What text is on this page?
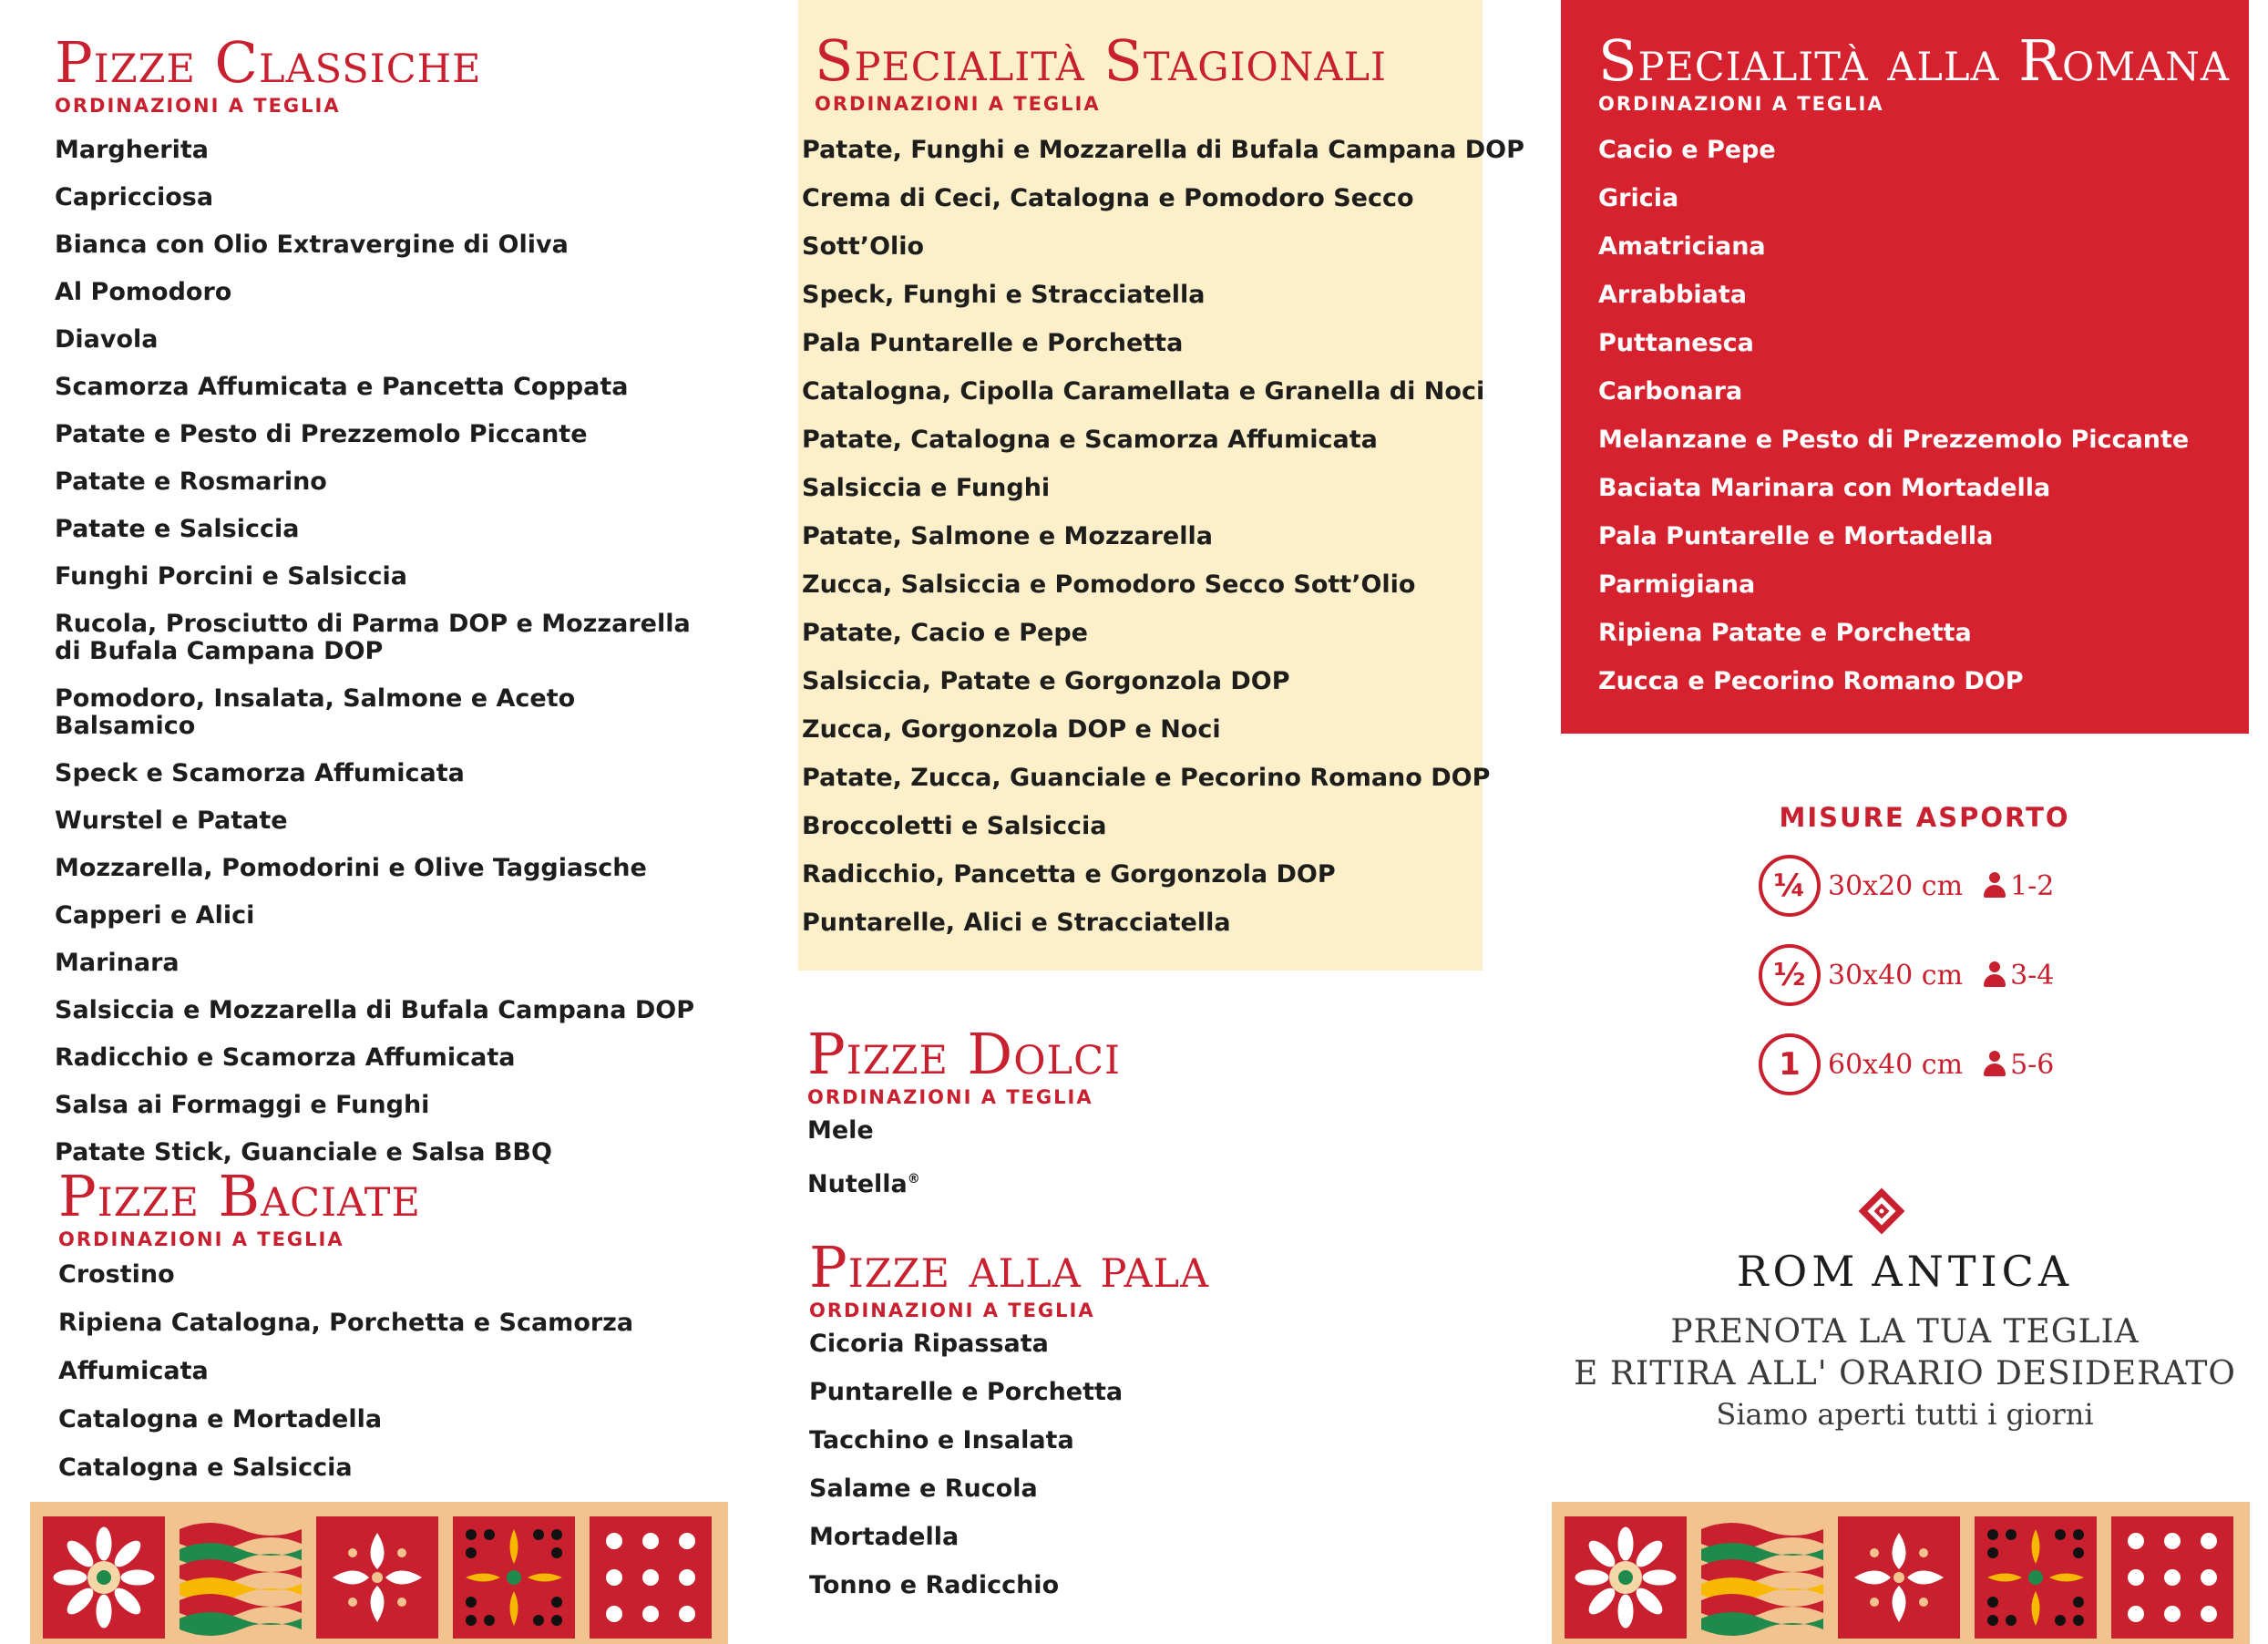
Pizze Classiche
ORDINAZIONI A TEGLIA
Margherita
Capricciosa
Bianca con Olio Extravergine di Oliva
Al Pomodoro
Diavola
Scamorza Affumicata e Pancetta Coppata
Patate e Pesto di Prezzemolo Piccante
Patate e Rosmarino
Patate e Salsiccia
Funghi Porcini e Salsiccia
Rucola, Prosciutto di Parma DOP e Mozzarella di Bufala Campana DOP
Pomodoro, Insalata, Salmone e Aceto Balsamico
Speck e Scamorza Affumicata
Wurstel e Patate
Mozzarella, Pomodorini e Olive Taggiasche
Capperi e Alici
Marinara
Salsiccia e Mozzarella di Bufala Campana DOP
Radicchio e Scamorza Affumicata
Salsa ai Formaggi e Funghi
Patate Stick, Guanciale e Salsa BBQ
Pizze Baciate
ORDINAZIONI A TEGLIA
Crostino
Ripiena Catalogna, Porchetta e Scamorza
Affumicata
Catalogna e Mortadella
Catalogna e Salsiccia
Specialità Stagionali
ORDINAZIONI A TEGLIA
Patate, Funghi e Mozzarella di Bufala Campana DOP
Crema di Ceci, Catalogna e Pomodoro Secco
Sott’Olio
Speck, Funghi e Stracciatella
Pala Puntarelle e Porchetta
Catalogna, Cipolla Caramellata e Granella di Noci
Patate, Catalogna e Scamorza Affumicata
Salsiccia e Funghi
Patate, Salmone e Mozzarella
Zucca, Salsiccia e Pomodoro Secco Sott’Olio
Patate, Cacio e Pepe
Salsiccia, Patate e Gorgonzola DOP
Zucca, Gorgonzola DOP e Noci
Patate, Zucca, Guanciale e Pecorino Romano DOP
Broccoletti e Salsiccia
Radicchio, Pancetta e Gorgonzola DOP
Puntarelle, Alici e Stracciatella
Pizze Dolci
ORDINAZIONI A TEGLIA
Mele
Nutella®
Pizze alla pala
ORDINAZIONI A TEGLIA
Cicoria Ripassata
Puntarelle e Porchetta
Tacchino e Insalata
Salame e Rucola
Mortadella
Tonno e Radicchio
Specialità alla Romana
ORDINAZIONI A TEGLIA
Cacio e Pepe
Gricia
Amatriciana
Arrabbiata
Puttanesca
Carbonara
Melanzane e Pesto di Prezzemolo Piccante
Baciata Marinara con Mortadella
Pala Puntarelle e Mortadella
Parmigiana
Ripiena Patate e Porchetta
Zucca e Pecorino Romano DOP
MISURE ASPORTO
¼ 30x20 cm 1-2
½ 30x40 cm 3-4
1	60x40 cm 5-6
rom antica
PRENOTA LA TUA TEGLIA
E RITIRA ALL' ORARIO DESIDERATO
Siamo aperti tutti i giorni
